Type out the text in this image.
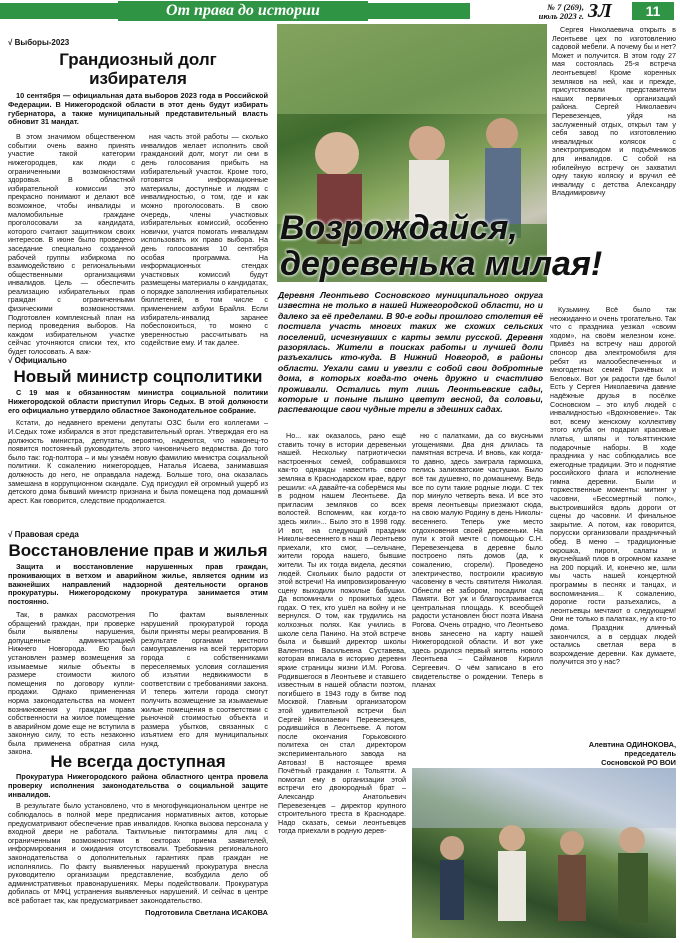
От права до истории	№ 7 (269),
июль 2023 г. ЗЛ	11
√ Выборы-2023
Грандиозный долг избирателя
10 сентября — официальная дата выборов 2023 года в Российской Федерации. В Нижегородской области в этот день будут избирать губернатора, а также муниципальный представительный власть обновит 31 мандат.
В этом значимом общественном событии очень важно принять участие такой категории нижегородцев, как люди с ограниченными возможностями здоровья. В областной избирательной комиссии это прекрасно понимают и делают всё возможное, чтобы инвалиды и маломобильные граждане проголосовали за кандидата, которого считают защитником своих интересов. В июне было проведено заседание специально созданной рабочей группы избиркома по взаимодействию с региональными общественными организациями инвалидов. Цель — обеспечить реализацию избирательных прав граждан с ограниченными физическими возможностями. Подготовлен комплексный план на период проведения выборов. На каждом избирательном участке сейчас уточняются списки тех, кто будет голосовать. А важ-
ная часть этой работы — сколько инвалидов желает исполнить свой гражданский долг, могут ли они в день голосования прибыть на избирательный участок. Кроме того, готовятся информационные материалы, доступные и людям с инвалидностью, о том, где и как можно проголосовать. В свою очередь, члены участковых избирательных комиссий, особенно новички, учатся помогать инвалидам использовать их право выбора. На день голосования 10 сентября особая программа. На информационных стендах участковых комиссий будут размещены материалы о кандидатах, о порядке заполнения избирательных бюллетеней, в том числе с применением азбуки Брайля. Если избиратель-инвалид заранее побеспокоиться, то можно с уверенностью рассчитывать на содействие ему. И так далее.
√ Официально
Новый министр соцполитики
С 19 мая к обязанностям министра социальной политики Нижегородской области приступил Игорь Седых. В этой должности его официально утвердило областное Законодательное собрание.
Кстати, до недавнего времени депутаты ОЗС были его коллегами – И.Седых тоже избирался в этот представительный орган. Утверждая его на должность министра, депутаты, вероятно, надеются, что наконец-то появится постоянный руководитель этого чиновничьего ведомства. До того было так: год-полтора – и мы узнаём новую фамилию министра социальной политики. К сожалению нижегородцев, Наталья Исаева, занимавшая должность до него, не оправдала надежд. Больше того, она оказалась замешана в коррупционном скандале. Суд присудил ей огромный ущерб из детского дома бывший министр признана и была помещена под домашний арест. Как говорится, следствие продолжается.
√ Правовая среда
Восстановление прав и жилья
Защита и восстановление нарушенных прав граждан, проживающих в ветхом и аварийном жилье, является одним из важнейших направлений надзорной деятельности органов прокуратуры. Нижегородскому прокуратура занимается этим постоянно.
Так, в рамках рассмотрения обращений граждан, при проверке были выявлены нарушения, допущенные администрацией Нижнего Новгорода. Ею был установлен размер возмещения за изымаемые жилые объекты в размере стоимости жилого помещения по договору купли-продажи. Однако примененная норма законодательства на момент возникновения у граждан права собственности на жилое помещение в аварийном доме еще не вступила в законную силу, то есть незаконно была применена обратная сила закона.
По фактам выявленных нарушений прокуратурой города были приняты меры реагирования. В результате органами местного самоуправления на всей территории города с собственниками переселяемых условия соглашения об изъятии недвижимости в соответствии с требованиями закона. И теперь жители города смогут получить возмещение за изымаемые жилые помещения в соответствии с рыночной стоимостью объекта и размера убытков, связанных с изъятием его для муниципальных нужд.
Не всегда доступная
Прокуратура Нижегородского района областного центра провела проверку исполнения законодательства о социальной защите инвалидов.
В результате было установлено, что в многофункциональном центре не соблюдалось в полной мере предписания нормативных актов, которые предусматривают обеспечение прав инвалидов. Кнопка вызова персонала у входной двери не работала. Тактильные пиктограммы для лиц с ограниченными возможностями в секторах приема заявителей, информирования и ожидания отсутствовали. Требования регионального законодательства о дополнительных гарантиях прав граждан не исполнялись. По факту выявленных нарушений прокуратура внесла руководителю организации представление, возбудила дело об административных правонарушениях. Меры подействовали. Прокуратура добилась от МФЦ устранения выявленных нарушений. И сейчас в центре всё работает так, как предусматривает законодательство.
Подготовила Светлана ИСАКОВА
Возрождайся,
деревенька милая!
Сергея Николаевича открыть в Леонтьеве цех по изготовлению садовой мебели. А почему бы и нет? Может и получится. В этом году 27 мая состоялась 25-я встреча леонтьевцев! Кроме коренных земляков на ней, как и прежде, присутствовали представители наших первичных организаций района. Сергей Николаевич Перевезенцев, уйдя на заслуженный отдых, открыл там у себя завод по изготовлению инвалидных колясок с электроприводом и подъёмников для инвалидов. С собой на юбилейную встречу он захватил одну такую коляску и вручил её инвалиду с детства Александру Владимировичу
Деревня Леонтьево Сосновского муниципального округа известна не только в нашей Нижегородской области, но и далеко за её пределами. В 90-е годы прошлого столетия её постигла участь многих таких же схожих сельских поселений, исчезнувших с карты земли русской. Деревня разорялась. Жители в поисках работы и лучшей доли разъехались кто-куда. В Нижний Новгород, в районы области. Уехали сами и увезли с собой свои добротные дома, в которых когда-то очень дружно и счастливо проживали. Остались тут лишь Леонтьевские сады, которые и поныне пышно цветут весной, да соловьи, распевающие свои чудные трели в здешних садах.
Но... как оказалось, рано ещё ставить точку в истории деревеньки нашей. Нескольку патриотически настроенных семей, собравшихся как-то однажды навестить своего земляка в Краснодарском крае, вдруг решили: «А давайте-ка соберёмся мы в родном нашем Леонтьеве. Да пригласим земляков со всех волостей. Вспомним, как когда-то здесь жили»... Было это в 1998 году. И вот, на следующий праздник Николы-весеннего в наш в Леонтьево приехали, кто смог, —сельчане, жители города нашего, бывшие жители. Ты их тогда видела, десятки людей. Скольких было радости от этой встречи! На импровизированную сцену выходили пожилые бабушки. Да вспоминали о прожитых здесь годах. О тех, кто ушёл на войну и не вернулся. О том, как трудились на колхозных полях. Как учились в школе села Панино. На этой встрече была и бывший директор школы Валентина Васильевна Суставева, которая вписала в историю деревни яркие страницы жизни И.М. Рогова. Родившегося в Леонтьеве и ставшего известным в нашей области поэтом, погибшего в 1943 году в битве под Москвой. Главным организатором этой удивительной встречи был Сергей Николаевич Перевезенцев, родившийся в Леонтьеве. А потом после окончания Горьковского политеха он стал директором экспериментального завода на Автоваз! В настоящее время Почётный гражданин г. Тольятти. А помогал ему в организации этой встречи его двоюродный брат –Александр Анатольевич Перевезенцев – директор крупного строительного треста в Краснодаре. Надо сказать, семьи леонтьевцев тогда приехали в родную дерев-
ню с палатками, да со вкусными угощениями. Два дня длилась та памятная встреча. И вновь, как когда-то давно, здесь заиграла гармошка, пелись залихватские частушки. Было всё так душевно, по домашнему. Ведь все по сути такие родные люди. С тех пор минуло четверть века. И все это время леонтьевцы приезжают сюда, на свою малую Родину в день Николы-весеннего. Теперь уже место отдохновения своей деревеньки. На пути к этой мечте с помощью С.Н. Перевезенцева в деревне было построено пять домов (да, к сожалению, сгорели). Проведено электричество, построили красивую часовенку в честь святителя Николая. Обнесли её забором, посадили сад Памяти. Вот уж и благоустраивается центральная площадь. К всеобщей радости установлен бюст поэта Ивана Рогова. Очень отрадно, что Леонтьево вновь занесено на карту нашей Нижегородской области. И вот уже здесь родился первый житель нового Леонтьева – Сайманов Кирилл Сергеевич. О чём записано в его свидетельстве о рождении. Теперь в планах
Кузьмину. Всё было так неожиданно и очень трогательно. Так что с праздника уезжал «своим ходом», на своём железном коне. Привёз на встречу наш дорогой спонсор два электромобиля для ребят из малообеспеченных и многодетных семей Грачёвых и Беловых. Вот уж радости где было! Есть у Сергея Николаевича давние надёжные друзья в посёлке Сосновском – это клуб людей с инвалидностью «Вдохновение». Так вот, всему женскому коллективу этого клуба он подарил красивые платья, шляпы и тольяттинские подарочные наборы. В ходе праздника у нас соблюдались все ежегодные традиции. Это и поднятие российского флага и исполнение гимна деревни. Были и торжественные моменты: митинг у часовни, «Бессмертный полк», выстроившийся вдоль дороги от сцены до часовни. И финальное закрытие. А потом, как говорится, порусски организовали праздничный обед. В меню – традиционные окрошка, пироги, салаты и вкуснейший плов в огромном казане на 200 порций. И, конечно же, шли мы часть нашей концертной программы в песнях и танцах, и воспоминания... К сожалению, дорогие гости разъехались, а леонтьевцы мечтают о следующем! Они не только в палатках, ну а кто-то дома. Праздник длинный закончился, а в сердцах людей остались светлая вера в возрождение деревни. Как думаете, получится это у нас?
Алевтина ОДИНОКОВА,
председатель
Сосновской РО ВОИ
